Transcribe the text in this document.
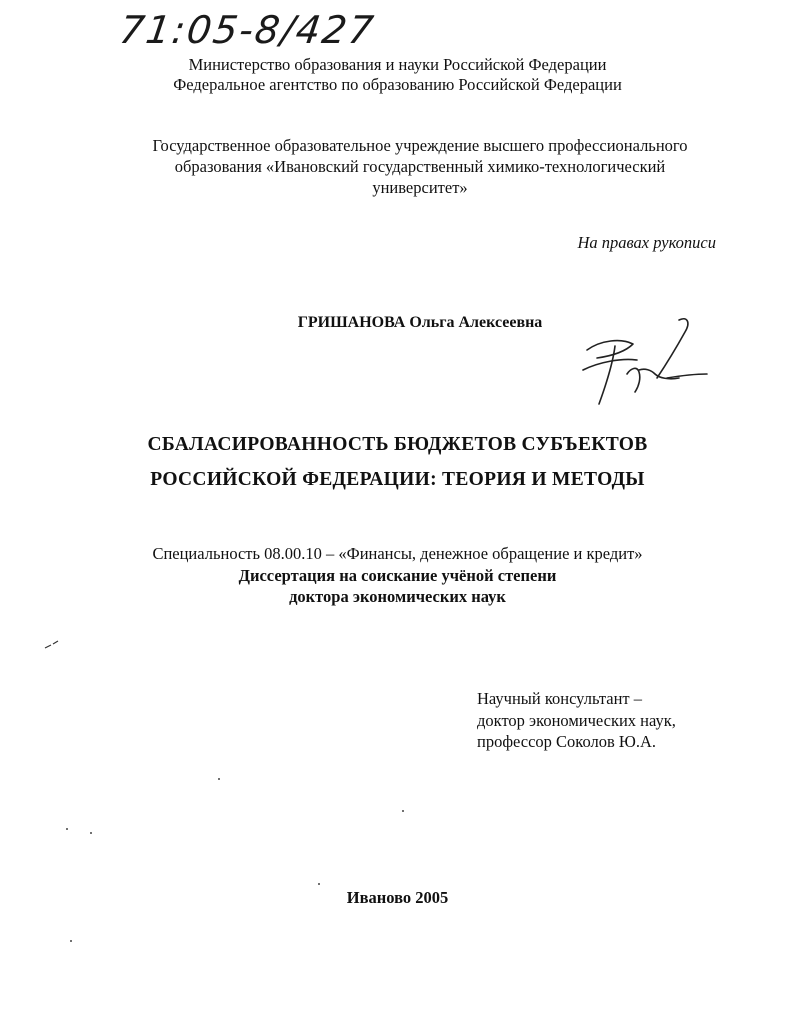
71:05-8/427
Министерство образования и науки Российской Федерации
Федеральное агентство по образованию Российской Федерации
Государственное образовательное учреждение высшего профессионального
образования «Ивановский государственный химико-технологический
университет»
На правах рукописи
ГРИШАНОВА Ольга Алексеевна
СБАЛАСИРОВАННОСТЬ БЮДЖЕТОВ СУБЪЕКТОВ
РОССИЙСКОЙ ФЕДЕРАЦИИ: ТЕОРИЯ И МЕТОДЫ
Специальность 08.00.10 – «Финансы, денежное обращение и кредит»
Диссертация на соискание учёной степени
доктора экономических наук
Научный консультант –
доктор экономических наук,
профессор Соколов Ю.А.
Иваново 2005
